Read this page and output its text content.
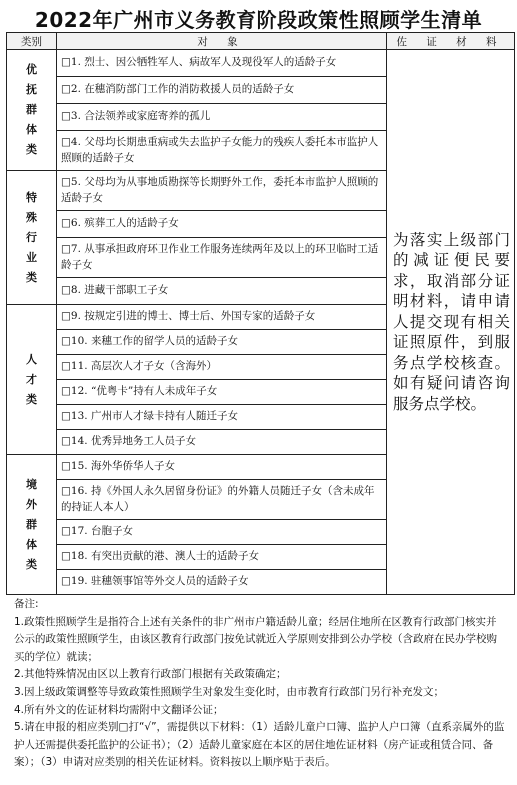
2022年广州市义务教育阶段政策性照顾学生清单
类别	对 象	佐 证 材 料

优
抚
群
体
类	□1. 烈士、因公牺牲军人、病故军人及现役军人的适龄子女	为落实上级部门的减证便民要求，取消部分证明材料，请申请人提交现有相关证照原件，到服务点学校核查。如有疑问请咨询服务点学校。
	□2. 在穗消防部门工作的消防救援人员的适龄子女	
	□3. 合法领养或家庭寄养的孤儿	
	□4. 父母均长期患重病或失去监护子女能力的残疾人委托本市监护人照顾的适龄子女	

特
殊
行
业
类	□5. 父母均为从事地质勘探等长期野外工作，委托本市监护人照顾的适龄子女	
	□6. 殡葬工人的适龄子女	
	□7. 从事承担政府环卫作业工作服务连续两年及以上的环卫临时工适龄子女	
	□8. 进藏干部职工子女	

人
才
类	□9. 按规定引进的博士、博士后、外国专家的适龄子女	
	□10. 来穗工作的留学人员的适龄子女	
	□11. 高层次人才子女（含海外）	
	□12. “优粤卡”持有人未成年子女	
	□13. 广州市人才绿卡持有人随迁子女	
	□14. 优秀异地务工人员子女	

境
外
群
体
类	□15. 海外华侨华人子女	
	□16. 持《外国人永久居留身份证》的外籍人员随迁子女（含未成年的持证人本人）	
	□17. 台胞子女	
	□18. 有突出贡献的港、澳人士的适龄子女	
	□19. 驻穗领事馆等外交人员的适龄子女	

备注:

1.政策性照顾学生是指符合上述有关条件的非广州市户籍适龄儿童；经居住地所在区教育行政部门核实并公示的政策性照顾学生，由该区教育行政部门按免试就近入学原则安排到公办学校（含政府在民办学校购买的学位）就读；

2.其他特殊情况由区以上教育行政部门根据有关政策确定；

3.因上级政策调整等导致政策性照顾学生对象发生变化时，由市教育行政部门另行补充发文；

4.所有外文的佐证材料均需附中文翻译公证；

5.请在申报的相应类别□打“√”，需提供以下材料：（1）适龄儿童户口簿、监护人户口簿（直系亲属外的监护人还需提供委托监护的公证书）；（2）适龄儿童家庭在本区的居住地佐证材料（房产证或租赁合同、备案）；（3）申请对应类别的相关佐证材料。资料按以上顺序贴于表后。
